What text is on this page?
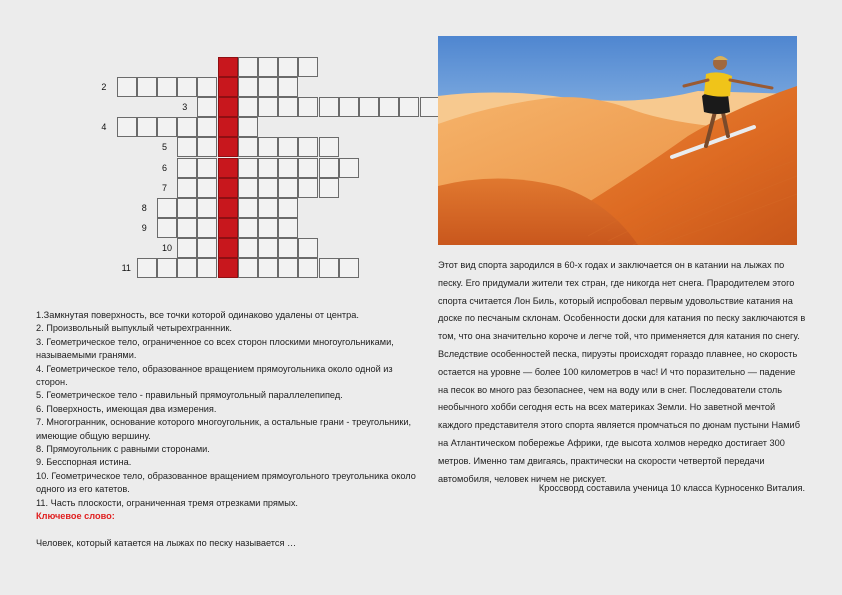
2
3
4
5
6
7
8
9
10
11

1.Замкнутая поверхность, все точки которой одинаково удалены от центра.

2. Произвольный выпуклый четырехграннник.

3. Геометрическое тело, ограниченное со всех сторон плоскими многоугольниками, называемыми гранями.

4. Геометрическое тело, образованное вращением прямоугольника около одной из сторон.

5. Геометрическое тело - правильный прямоугольный параллелепипед.

6. Поверхность, имеющая два измерения.

7. Многогранник, основание которого многоугольник, а остальные грани - треугольники, имеющие общую вершину.

8. Прямоугольник с равными сторонами.

9. Бесспорная истина.

10. Геометрическое тело, образованное вращением прямоугольного треугольника около одного из его катетов.

11. Часть плоскости, ограниченная тремя отрезками прямых.

Ключевое слово:

Человек, который катается на лыжах по песку называется …

Этот вид спорта зародился в 60-х годах и заключается он в катании на лыжах по песку. Его придумали жители тех стран, где никогда нет снега. Прародителем этого спорта считается Лон Биль, который испробовал первым удовольствие катания на доске по песчаным склонам. Особенности доски для катания по песку заключаются в том, что она значительно короче и легче той, что применяется для катания по снегу. Вследствие особенностей песка, пируэты происходят гораздо плавнее, но скорость остается на уровне — более 100 километров в час! И что поразительно — падение на песок во много раз безопаснее, чем на воду или в снег. Последователи столь необычного хобби сегодня есть на всех материках Земли. Но заветной мечтой каждого представителя этого спорта является промчаться по дюнам пустыни Намиб на Атлантическом побережье Африки, где высота холмов нередко достигает 300 метров. Именно там двигаясь, практически на скорости четвертой передачи автомобиля, человек ничем не рискует.

Кроссворд составила ученица 10 класса Курносенко Виталия.
